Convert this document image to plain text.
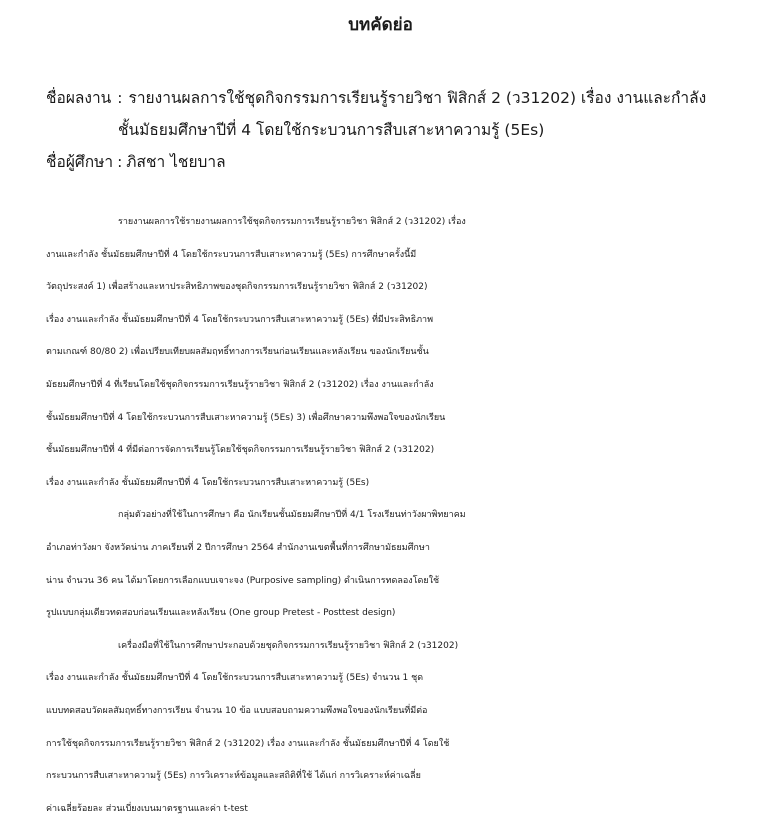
บทคัดย่อ
ชื่อผลงาน : รายงานผลการใช้ชุดกิจกรรมการเรียนรู้รายวิชา ฟิสิกส์ 2 (ว31202) เรื่อง งานและกำลัง
ชั้นมัธยมศึกษาปีที่ 4 โดยใช้กระบวนการสืบเสาะหาความรู้ (5Es)
ชื่อผู้ศึกษา : ภิสชา ไชยบาล
รายงานผลการใช้รายงานผลการใช้ชุดกิจกรรมการเรียนรู้รายวิชา ฟิสิกส์ 2 (ว31202) เรื่อง
งานและกำลัง ชั้นมัธยมศึกษาปีที่ 4 โดยใช้กระบวนการสืบเสาะหาความรู้ (5Es) การศึกษาครั้งนี้มี
วัตถุประสงค์ 1) เพื่อสร้างและหาประสิทธิภาพของชุดกิจกรรมการเรียนรู้รายวิชา ฟิสิกส์ 2 (ว31202)
เรื่อง งานและกำลัง ชั้นมัธยมศึกษาปีที่ 4 โดยใช้กระบวนการสืบเสาะหาความรู้ (5Es) ที่มีประสิทธิภาพ
ตามเกณฑ์ 80/80 2) เพื่อเปรียบเทียบผลสัมฤทธิ์ทางการเรียนก่อนเรียนและหลังเรียน ของนักเรียนชั้น
มัธยมศึกษาปีที่ 4 ที่เรียนโดยใช้ชุดกิจกรรมการเรียนรู้รายวิชา ฟิสิกส์ 2 (ว31202) เรื่อง งานและกำลัง
ชั้นมัธยมศึกษาปีที่ 4 โดยใช้กระบวนการสืบเสาะหาความรู้ (5Es) 3) เพื่อศึกษาความพึงพอใจของนักเรียน
ชั้นมัธยมศึกษาปีที่ 4 ที่มีต่อการจัดการเรียนรู้โดยใช้ชุดกิจกรรมการเรียนรู้รายวิชา ฟิสิกส์ 2 (ว31202)
เรื่อง งานและกำลัง ชั้นมัธยมศึกษาปีที่ 4 โดยใช้กระบวนการสืบเสาะหาความรู้ (5Es)
กลุ่มตัวอย่างที่ใช้ในการศึกษา คือ นักเรียนชั้นมัธยมศึกษาปีที่ 4/1 โรงเรียนท่าวังผาพิทยาคม
อำเภอท่าวังผา จังหวัดน่าน ภาคเรียนที่ 2 ปีการศึกษา 2564 สำนักงานเขตพื้นที่การศึกษามัธยมศึกษา
น่าน จำนวน 36 คน ได้มาโดยการเลือกแบบเจาะจง (Purposive sampling) ดำเนินการทดลองโดยใช้
รูปแบบกลุ่มเดียวทดสอบก่อนเรียนและหลังเรียน (One group Pretest - Posttest design)
เครื่องมือที่ใช้ในการศึกษาประกอบด้วยชุดกิจกรรมการเรียนรู้รายวิชา ฟิสิกส์ 2 (ว31202)
เรื่อง งานและกำลัง ชั้นมัธยมศึกษาปีที่ 4 โดยใช้กระบวนการสืบเสาะหาความรู้ (5Es) จำนวน 1 ชุด
แบบทดสอบวัดผลสัมฤทธิ์ทางการเรียน จำนวน 10 ข้อ แบบสอบถามความพึงพอใจของนักเรียนที่มีต่อ
การใช้ชุดกิจกรรมการเรียนรู้รายวิชา ฟิสิกส์ 2 (ว31202) เรื่อง งานและกำลัง ชั้นมัธยมศึกษาปีที่ 4 โดยใช้
กระบวนการสืบเสาะหาความรู้ (5Es) การวิเคราะห์ข้อมูลและสถิติที่ใช้ ได้แก่ การวิเคราะห์ค่าเฉลี่ย
ค่าเฉลี่ยร้อยละ ส่วนเบี่ยงเบนมาตรฐานและค่า t-test
